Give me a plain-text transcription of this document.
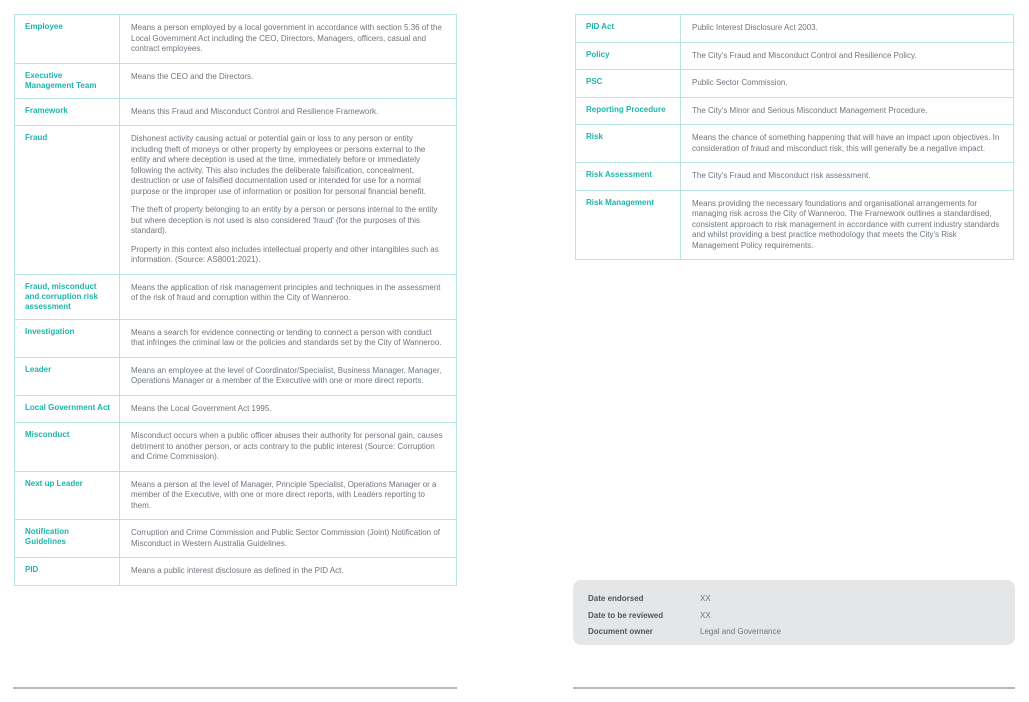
Employee	Means a person employed by a local government in accordance with section 5.36 of the Local Government Act including the CEO, Directors, Managers, officers, casual and contract employees.

Executive Management Team	Means the CEO and the Directors.

Framework	Means this Fraud and Misconduct Control and Resilience Framework.

Fraud	Dishonest activity causing actual or potential gain or loss to any person or entity including theft of moneys or other property by employees or persons external to the entity and where deception is used at the time, immediately before or immediately following the activity. This also includes the deliberate falsification, concealment, destruction or use of falsified documentation used or intended for use for a normal purpose or the improper use of information or position for personal financial benefit.

The theft of property belonging to an entity by a person or persons internal to the entity but where deception is not used is also considered 'fraud' (for the purposes of this standard).

Property in this context also includes intellectual property and other intangibles such as information. (Source: AS8001:2021).

Fraud, misconduct and corruption risk assessment	Means the application of risk management principles and techniques in the assessment of the risk of fraud and corruption within the City of Wanneroo.

Investigation	Means a search for evidence connecting or tending to connect a person with conduct that infringes the criminal law or the policies and standards set by the City of Wanneroo.

Leader	Means an employee at the level of Coordinator/Specialist, Business Manager, Manager, Operations Manager or a member of the Executive with one or more direct reports.

Local Government Act	Means the Local Government Act 1995.

Misconduct	Misconduct occurs when a public officer abuses their authority for personal gain, causes detriment to another person, or acts contrary to the public interest (Source: Corruption and Crime Commission).

Next up Leader	Means a person at the level of Manager, Principle Specialist, Operations Manager or a member of the Executive, with one or more direct reports, with Leaders reporting to them.

Notification Guidelines	Corruption and Crime Commission and Public Sector Commission (Joint) Notification of Misconduct in Western Australia Guidelines.

PID	Means a public interest disclosure as defined in the PID Act.

PID Act	Public Interest Disclosure Act 2003.

Policy	The City's Fraud and Misconduct Control and Resilience Policy.

PSC	Public Sector Commission.

Reporting Procedure	The City's Minor and Serious Misconduct Management Procedure.

Risk	Means the chance of something happening that will have an impact upon objectives. In consideration of fraud and misconduct risk, this will generally be a negative impact.

Risk Assessment	The City's Fraud and Misconduct risk assessment.

Risk Management	Means providing the necessary foundations and organisational arrangements for managing risk across the City of Wanneroo. The Framework outlines a standardised, consistent approach to risk management in accordance with current industry standards and whilst providing a best practice methodology that meets the City's Risk Management Policy requirements.

Date endorsed	XX
Date to be reviewed	XX
Document owner	Legal and Governance
